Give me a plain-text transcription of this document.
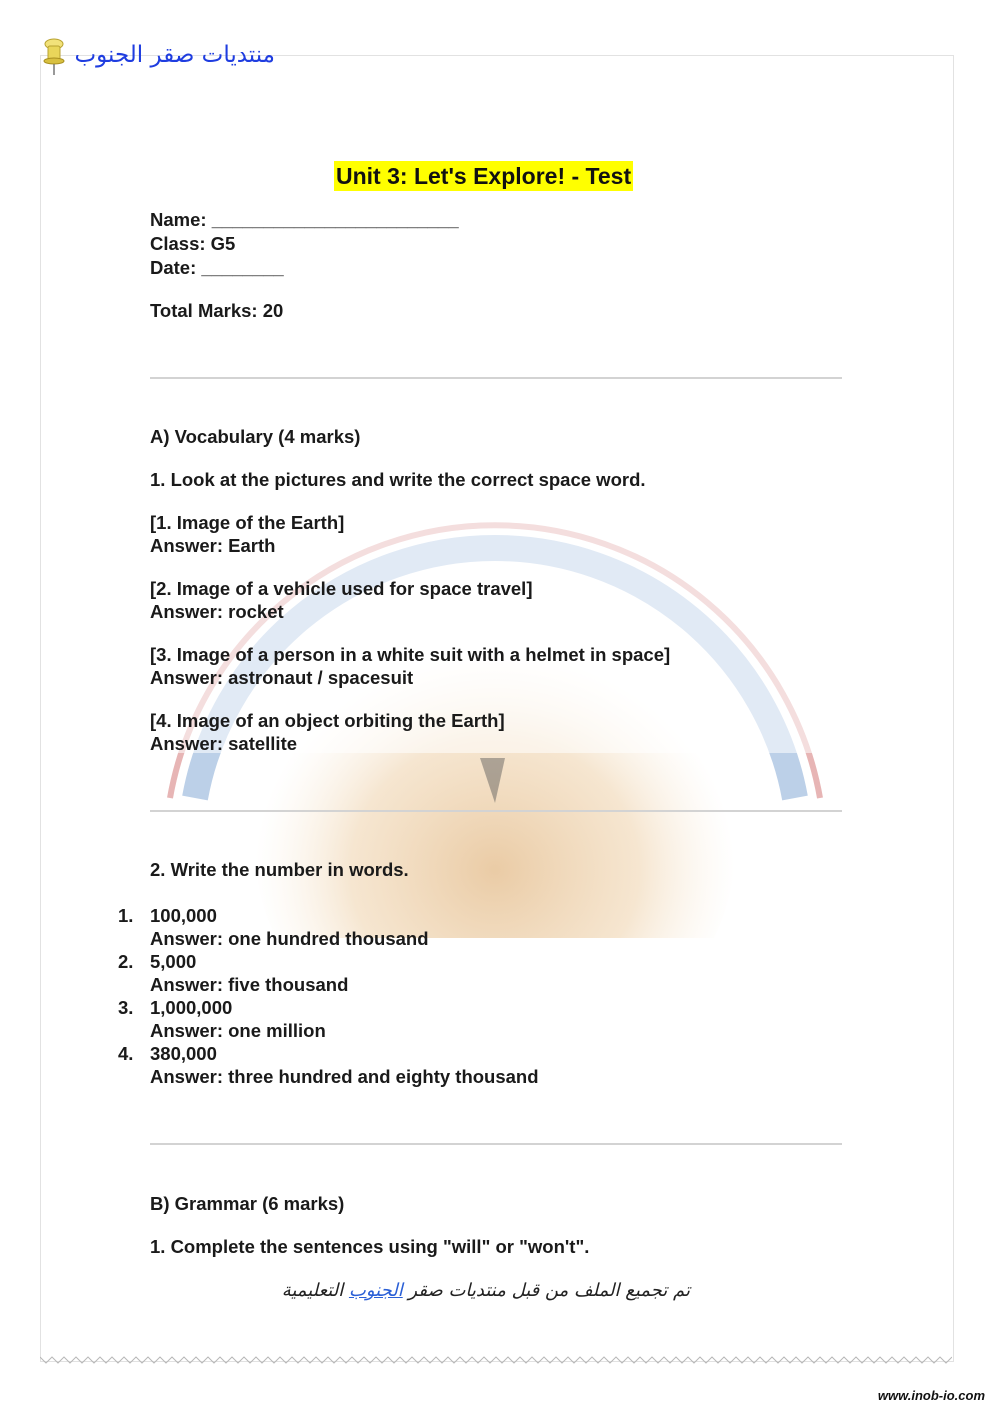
منتديات صقر الجنوب
Unit 3: Let's Explore! - Test
Name: ________________________
Class: G5
Date: ________
Total Marks: 20
A) Vocabulary (4 marks)
1. Look at the pictures and write the correct space word.
[1. Image of the Earth]
Answer: Earth
[2. Image of a vehicle used for space travel]
Answer: rocket
[3. Image of a person in a white suit with a helmet in space]
Answer: astronaut / spacesuit
[4. Image of an object orbiting the Earth]
Answer: satellite
2. Write the number in words.
1. 100,000
Answer: one hundred thousand
2. 5,000
Answer: five thousand
3. 1,000,000
Answer: one million
4. 380,000
Answer: three hundred and eighty thousand
B) Grammar (6 marks)
1. Complete the sentences using "will" or "won't".
تم تجميع الملف من قبل منتديات صقر الجنوب التعليمية
www.inob-io.com
